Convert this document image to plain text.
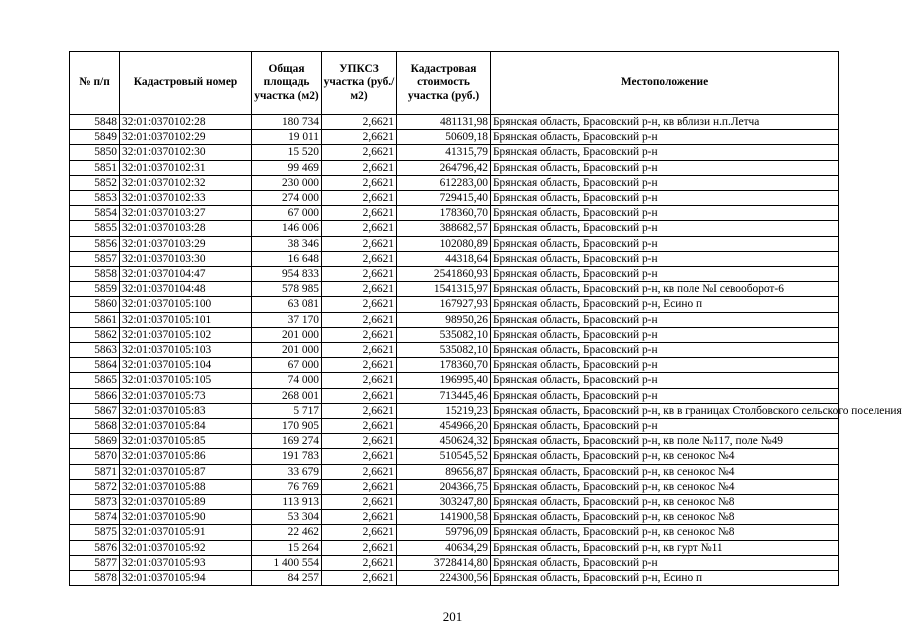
№ п/п	Кадастровый номер	Общая площадь участка (м2)	УПКСЗ участка (руб./м2)	Кадастровая стоимость участка (руб.)	Местоположение
5848	32:01:0370102:28	180 734	2,6621	481131,98	Брянская область, Брасовский р-н, кв вблизи н.п.Летча
5849	32:01:0370102:29	19 011	2,6621	50609,18	Брянская область, Брасовский р-н
5850	32:01:0370102:30	15 520	2,6621	41315,79	Брянская область, Брасовский р-н
5851	32:01:0370102:31	99 469	2,6621	264796,42	Брянская область, Брасовский р-н
5852	32:01:0370102:32	230 000	2,6621	612283,00	Брянская область, Брасовский р-н
5853	32:01:0370102:33	274 000	2,6621	729415,40	Брянская область, Брасовский р-н
5854	32:01:0370103:27	67 000	2,6621	178360,70	Брянская область, Брасовский р-н
5855	32:01:0370103:28	146 006	2,6621	388682,57	Брянская область, Брасовский р-н
5856	32:01:0370103:29	38 346	2,6621	102080,89	Брянская область, Брасовский р-н
5857	32:01:0370103:30	16 648	2,6621	44318,64	Брянская область, Брасовский р-н
5858	32:01:0370104:47	954 833	2,6621	2541860,93	Брянская область, Брасовский р-н
5859	32:01:0370104:48	578 985	2,6621	1541315,97	Брянская область, Брасовский р-н, кв поле №I севооборот-6
5860	32:01:0370105:100	63 081	2,6621	167927,93	Брянская область, Брасовский р-н, Есино п
5861	32:01:0370105:101	37 170	2,6621	98950,26	Брянская область, Брасовский р-н
5862	32:01:0370105:102	201 000	2,6621	535082,10	Брянская область, Брасовский р-н
5863	32:01:0370105:103	201 000	2,6621	535082,10	Брянская область, Брасовский р-н
5864	32:01:0370105:104	67 000	2,6621	178360,70	Брянская область, Брасовский р-н
5865	32:01:0370105:105	74 000	2,6621	196995,40	Брянская область, Брасовский р-н
5866	32:01:0370105:73	268 001	2,6621	713445,46	Брянская область, Брасовский р-н
5867	32:01:0370105:83	5 717	2,6621	15219,23	Брянская область, Брасовский р-н, кв в границах Столбовского сельского поселения
5868	32:01:0370105:84	170 905	2,6621	454966,20	Брянская область, Брасовский р-н
5869	32:01:0370105:85	169 274	2,6621	450624,32	Брянская область, Брасовский р-н, кв поле №117, поле №49
5870	32:01:0370105:86	191 783	2,6621	510545,52	Брянская область, Брасовский р-н, кв сенокос №4
5871	32:01:0370105:87	33 679	2,6621	89656,87	Брянская область, Брасовский р-н, кв сенокос №4
5872	32:01:0370105:88	76 769	2,6621	204366,75	Брянская область, Брасовский р-н, кв сенокос №4
5873	32:01:0370105:89	113 913	2,6621	303247,80	Брянская область, Брасовский р-н, кв сенокос №8
5874	32:01:0370105:90	53 304	2,6621	141900,58	Брянская область, Брасовский р-н, кв сенокос №8
5875	32:01:0370105:91	22 462	2,6621	59796,09	Брянская область, Брасовский р-н, кв сенокос №8
5876	32:01:0370105:92	15 264	2,6621	40634,29	Брянская область, Брасовский р-н, кв гурт №11
5877	32:01:0370105:93	1 400 554	2,6621	3728414,80	Брянская область, Брасовский р-н
5878	32:01:0370105:94	84 257	2,6621	224300,56	Брянская область, Брасовский р-н, Есино п
201
